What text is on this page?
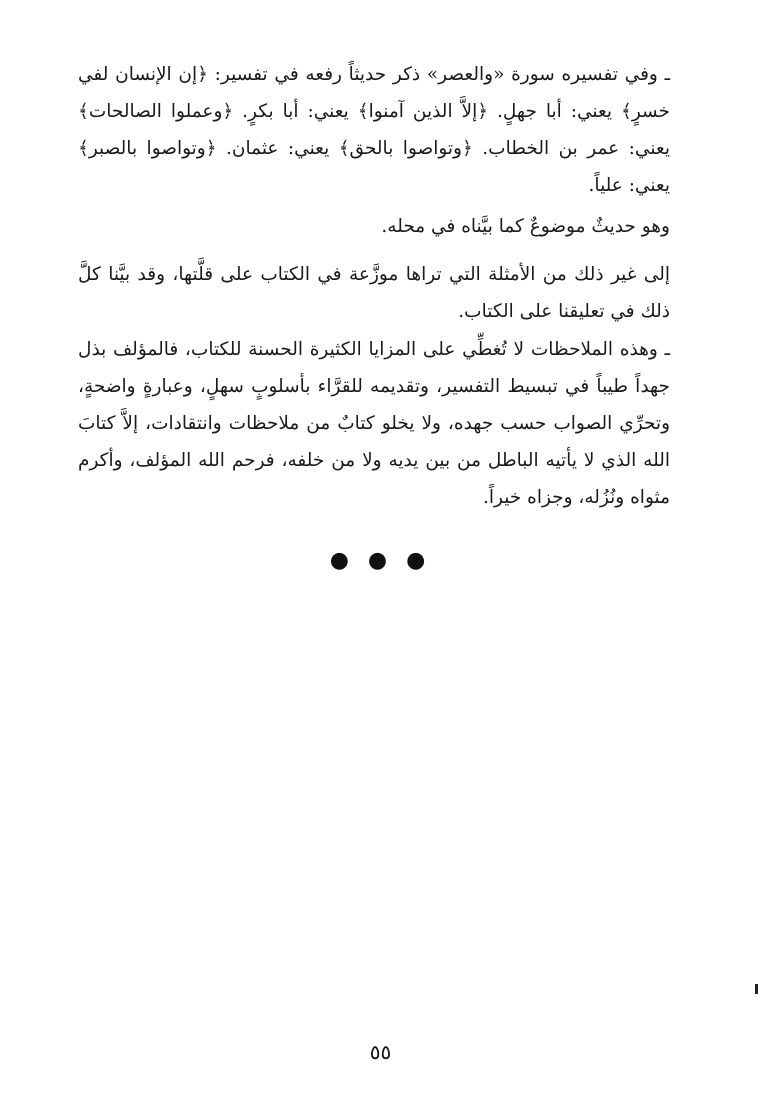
ـ وفي تفسيره سورة «والعصر» ذكر حديثاً رفعه في تفسير: ﴿إن الإنسان لفي خسرٍ﴾ يعني: أبا جهلٍ. ﴿إلاَّ الذين آمنوا﴾ يعني: أبا بكرٍ. ﴿وعملوا الصالحات﴾ يعني: عمر بن الخطاب. ﴿وتواصوا بالحق﴾ يعني: عثمان. ﴿وتواصوا بالصبر﴾ يعني: علياً.

وهو حديثٌ موضوعٌ كما بيَّناه في محله.

إلى غير ذلك من الأمثلة التي تراها موزَّعة في الكتاب على قلَّتها، وقد بيَّنا كلَّ ذلك في تعليقنا على الكتاب.

ـ وهذه الملاحظات لا تُغطِّي على المزايا الكثيرة الحسنة للكتاب، فالمؤلف بذل جهداً طيباً في تبسيط التفسير، وتقديمه للقرَّاء بأسلوبٍ سهلٍ، وعبارةٍ واضحةٍ، وتحرِّي الصواب حسب جهده، ولا يخلو كتابٌ من ملاحظات وانتقادات، إلاَّ كتابَ الله الذي لا يأتيه الباطل من بين يديه ولا من خلفه، فرحم الله المؤلف، وأكرم مثواه ونُزُله، وجزاه خيراً.

● ● ●
٥٥
